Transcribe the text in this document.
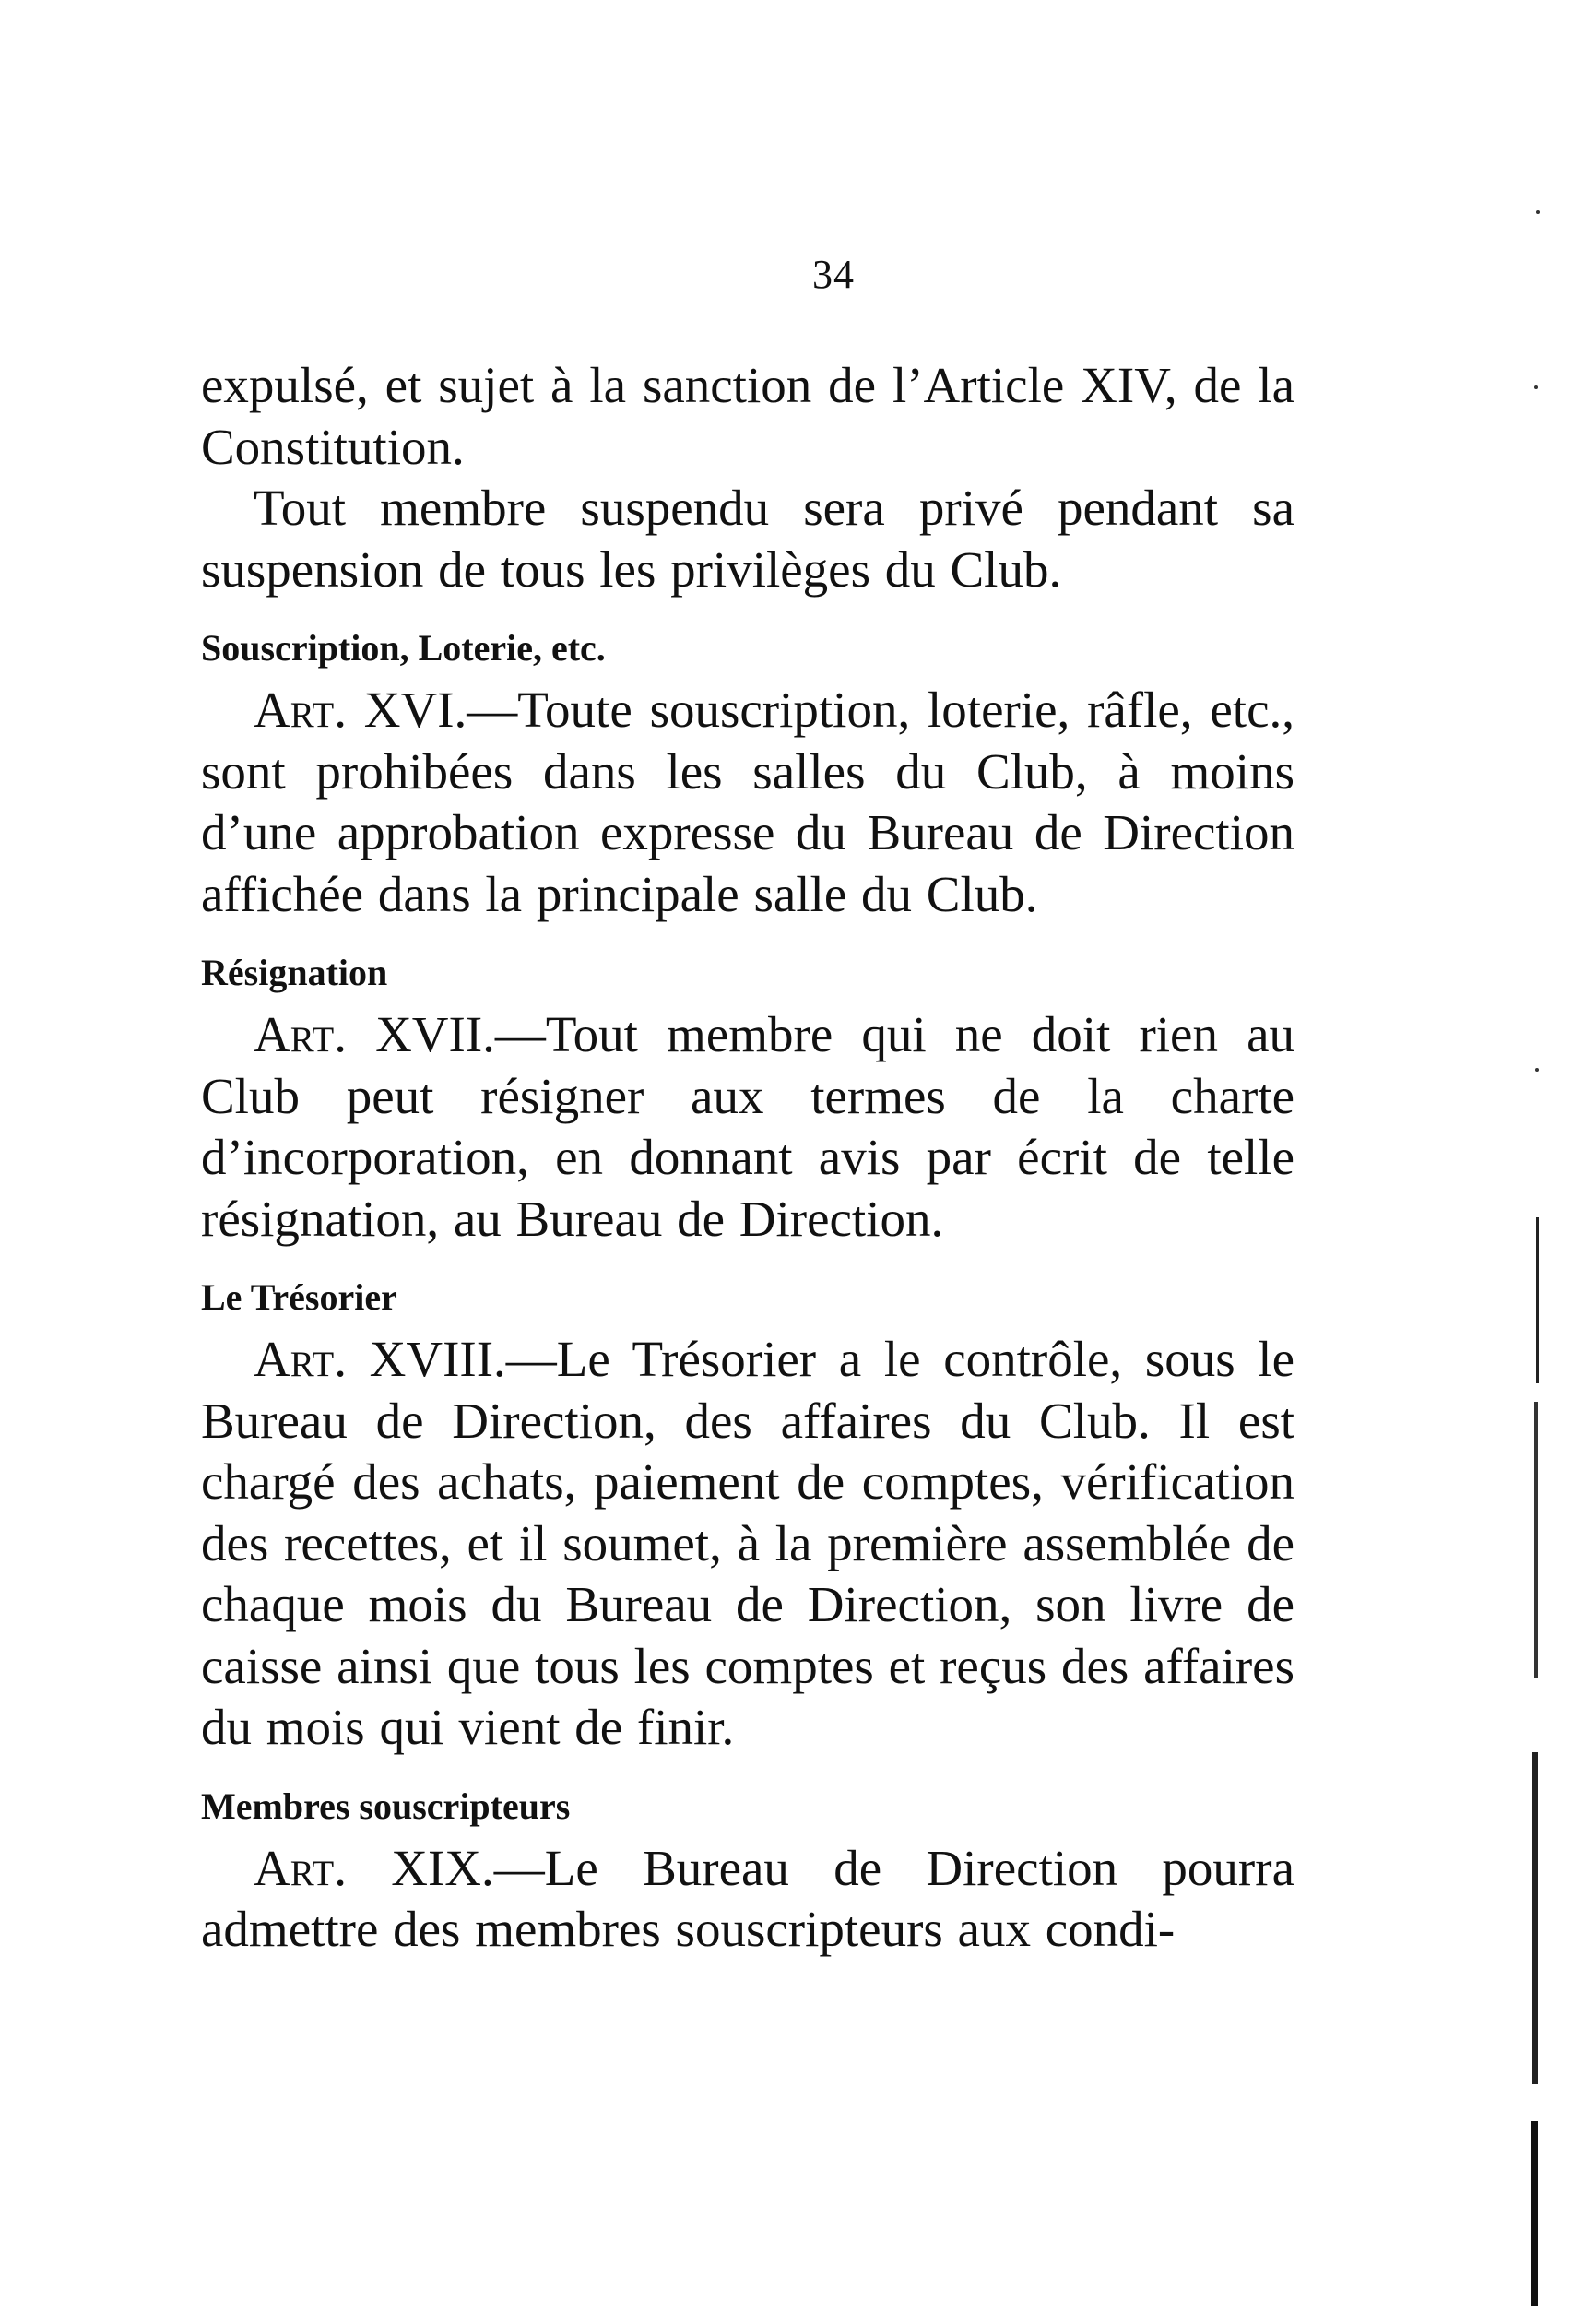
34

expulsé, et sujet à la sanction de l’Article XIV, de la Constitution.

Tout membre suspendu sera privé pendant sa suspension de tous les privilèges du Club.

Souscription, Loterie, etc.

Art. XVI.—Toute souscription, loterie, râfle, etc., sont prohibées dans les salles du Club, à moins d’une approbation expresse du Bureau de Direction affichée dans la principale salle du Club.

Résignation

Art. XVII.—Tout membre qui ne doit rien au Club peut résigner aux termes de la charte d’incorporation, en donnant avis par écrit de telle résignation, au Bureau de Direction.

Le Trésorier

Art. XVIII.—Le Trésorier a le contrôle, sous le Bureau de Direction, des affaires du Club. Il est chargé des achats, paiement de comptes, vérification des recettes, et il soumet, à la première assemblée de chaque mois du Bureau de Direction, son livre de caisse ainsi que tous les comptes et reçus des affaires du mois qui vient de finir.

Membres souscripteurs

Art. XIX.—Le Bureau de Direction pourra admettre des membres souscripteurs aux condi-
